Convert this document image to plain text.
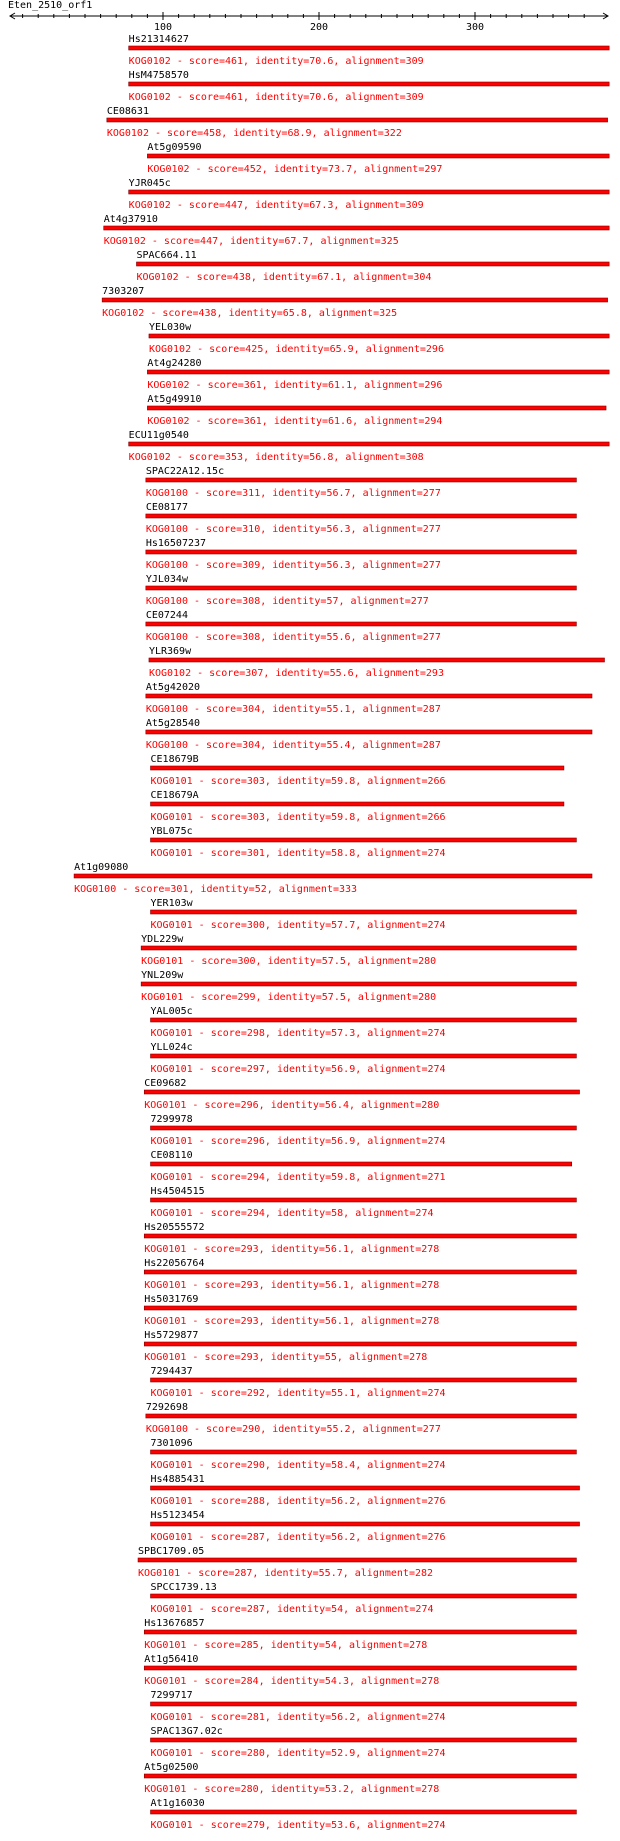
Eten_2510_orf1
100	200	300
Hs21314627
KOG0102 - score=461, identity=70.6, alignment=309
HsM4758570
KOG0102 - score=461, identity=70.6, alignment=309
CE08631
KOG0102 - score=458, identity=68.9, alignment=322
At5g09590
KOG0102 - score=452, identity=73.7, alignment=297
YJR045c
KOG0102 - score=447, identity=67.3, alignment=309
At4g37910
KOG0102 - score=447, identity=67.7, alignment=325
SPAC664.11
KOG0102 - score=438, identity=67.1, alignment=304
7303207
KOG0102 - score=438, identity=65.8, alignment=325
YEL030w
KOG0102 - score=425, identity=65.9, alignment=296
At4g24280
KOG0102 - score=361, identity=61.1, alignment=296
At5g49910
KOG0102 - score=361, identity=61.6, alignment=294
ECU11g0540
KOG0102 - score=353, identity=56.8, alignment=308
SPAC22A12.15c
KOG0100 - score=311, identity=56.7, alignment=277
CE08177
KOG0100 - score=310, identity=56.3, alignment=277
Hs16507237
KOG0100 - score=309, identity=56.3, alignment=277
YJL034w
KOG0100 - score=308, identity=57, alignment=277
CE07244
KOG0100 - score=308, identity=55.6, alignment=277
YLR369w
KOG0102 - score=307, identity=55.6, alignment=293
At5g42020
KOG0100 - score=304, identity=55.1, alignment=287
At5g28540
KOG0100 - score=304, identity=55.4, alignment=287
CE18679B
KOG0101 - score=303, identity=59.8, alignment=266
CE18679A
KOG0101 - score=303, identity=59.8, alignment=266
YBL075c
KOG0101 - score=301, identity=58.8, alignment=274
At1g09080
KOG0100 - score=301, identity=52, alignment=333
YER103w
KOG0101 - score=300, identity=57.7, alignment=274
YDL229w
KOG0101 - score=300, identity=57.5, alignment=280
YNL209w
KOG0101 - score=299, identity=57.5, alignment=280
YAL005c
KOG0101 - score=298, identity=57.3, alignment=274
YLL024c
KOG0101 - score=297, identity=56.9, alignment=274
CE09682
KOG0101 - score=296, identity=56.4, alignment=280
7299978
KOG0101 - score=296, identity=56.9, alignment=274
CE08110
KOG0101 - score=294, identity=59.8, alignment=271
Hs4504515
KOG0101 - score=294, identity=58, alignment=274
Hs20555572
KOG0101 - score=293, identity=56.1, alignment=278
Hs22056764
KOG0101 - score=293, identity=56.1, alignment=278
Hs5031769
KOG0101 - score=293, identity=56.1, alignment=278
Hs5729877
KOG0101 - score=293, identity=55, alignment=278
7294437
KOG0101 - score=292, identity=55.1, alignment=274
7292698
KOG0100 - score=290, identity=55.2, alignment=277
7301096
KOG0101 - score=290, identity=58.4, alignment=274
Hs4885431
KOG0101 - score=288, identity=56.2, alignment=276
Hs5123454
KOG0101 - score=287, identity=56.2, alignment=276
SPBC1709.05
KOG0101 - score=287, identity=55.7, alignment=282
SPCC1739.13
KOG0101 - score=287, identity=54, alignment=274
Hs13676857
KOG0101 - score=285, identity=54, alignment=278
At1g56410
KOG0101 - score=284, identity=54.3, alignment=278
7299717
KOG0101 - score=281, identity=56.2, alignment=274
SPAC13G7.02c
KOG0101 - score=280, identity=52.9, alignment=274
At5g02500
KOG0101 - score=280, identity=53.2, alignment=278
At1g16030
KOG0101 - score=279, identity=53.6, alignment=274
